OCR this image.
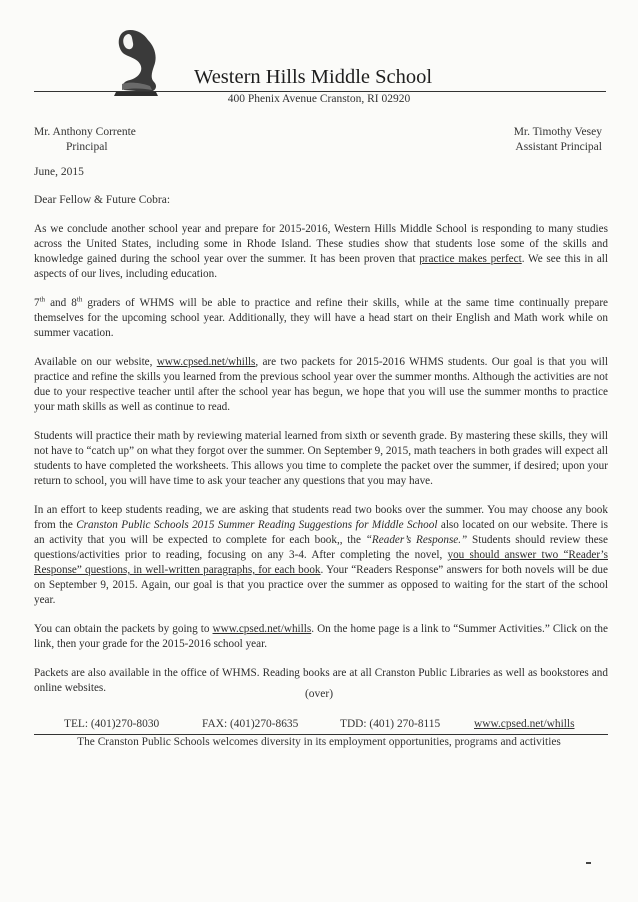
Western Hills Middle School
400 Phenix Avenue Cranston, RI 02920
Mr. Anthony Corrente
Principal
Mr. Timothy Vesey
Assistant Principal
June, 2015
Dear Fellow & Future Cobra:

As we conclude another school year and prepare for 2015-2016, Western Hills Middle School is responding to many studies across the United States, including some in Rhode Island. These studies show that students lose some of the skills and knowledge gained during the school year over the summer. It has been proven that practice makes perfect. We see this in all aspects of our lives, including education.

7th and 8th graders of WHMS will be able to practice and refine their skills, while at the same time continually prepare themselves for the upcoming school year. Additionally, they will have a head start on their English and Math work while on summer vacation.

Available on our website, www.cpsed.net/whills, are two packets for 2015-2016 WHMS students. Our goal is that you will practice and refine the skills you learned from the previous school year over the summer months. Although the activities are not due to your respective teacher until after the school year has begun, we hope that you will use the summer months to practice your math skills as well as continue to read.

Students will practice their math by reviewing material learned from sixth or seventh grade. By mastering these skills, they will not have to “catch up” on what they forgot over the summer. On September 9, 2015, math teachers in both grades will expect all students to have completed the worksheets. This allows you time to complete the packet over the summer, if desired; upon your return to school, you will have time to ask your teacher any questions that you may have.

In an effort to keep students reading, we are asking that students read two books over the summer. You may choose any book from the Cranston Public Schools 2015 Summer Reading Suggestions for Middle School also located on our website. There is an activity that you will be expected to complete for each book,, the “Reader’s Response.” Students should review these questions/activities prior to reading, focusing on any 3-4. After completing the novel, you should answer two “Reader’s Response” questions, in well-written paragraphs, for each book. Your “Readers Response” answers for both novels will be due on September 9, 2015. Again, our goal is that you practice over the summer as opposed to waiting for the start of the school year.

You can obtain the packets by going to www.cpsed.net/whills. On the home page is a link to “Summer Activities.” Click on the link, then your grade for the 2015-2016 school year.

Packets are also available in the office of WHMS. Reading books are at all Cranston Public Libraries as well as bookstores and online websites.	(over)
TEL: (401)270-8030	FAX: (401)270-8635	TDD: (401) 270-8115	www.cpsed.net/whills
The Cranston Public Schools welcomes diversity in its employment opportunities, programs and activities
